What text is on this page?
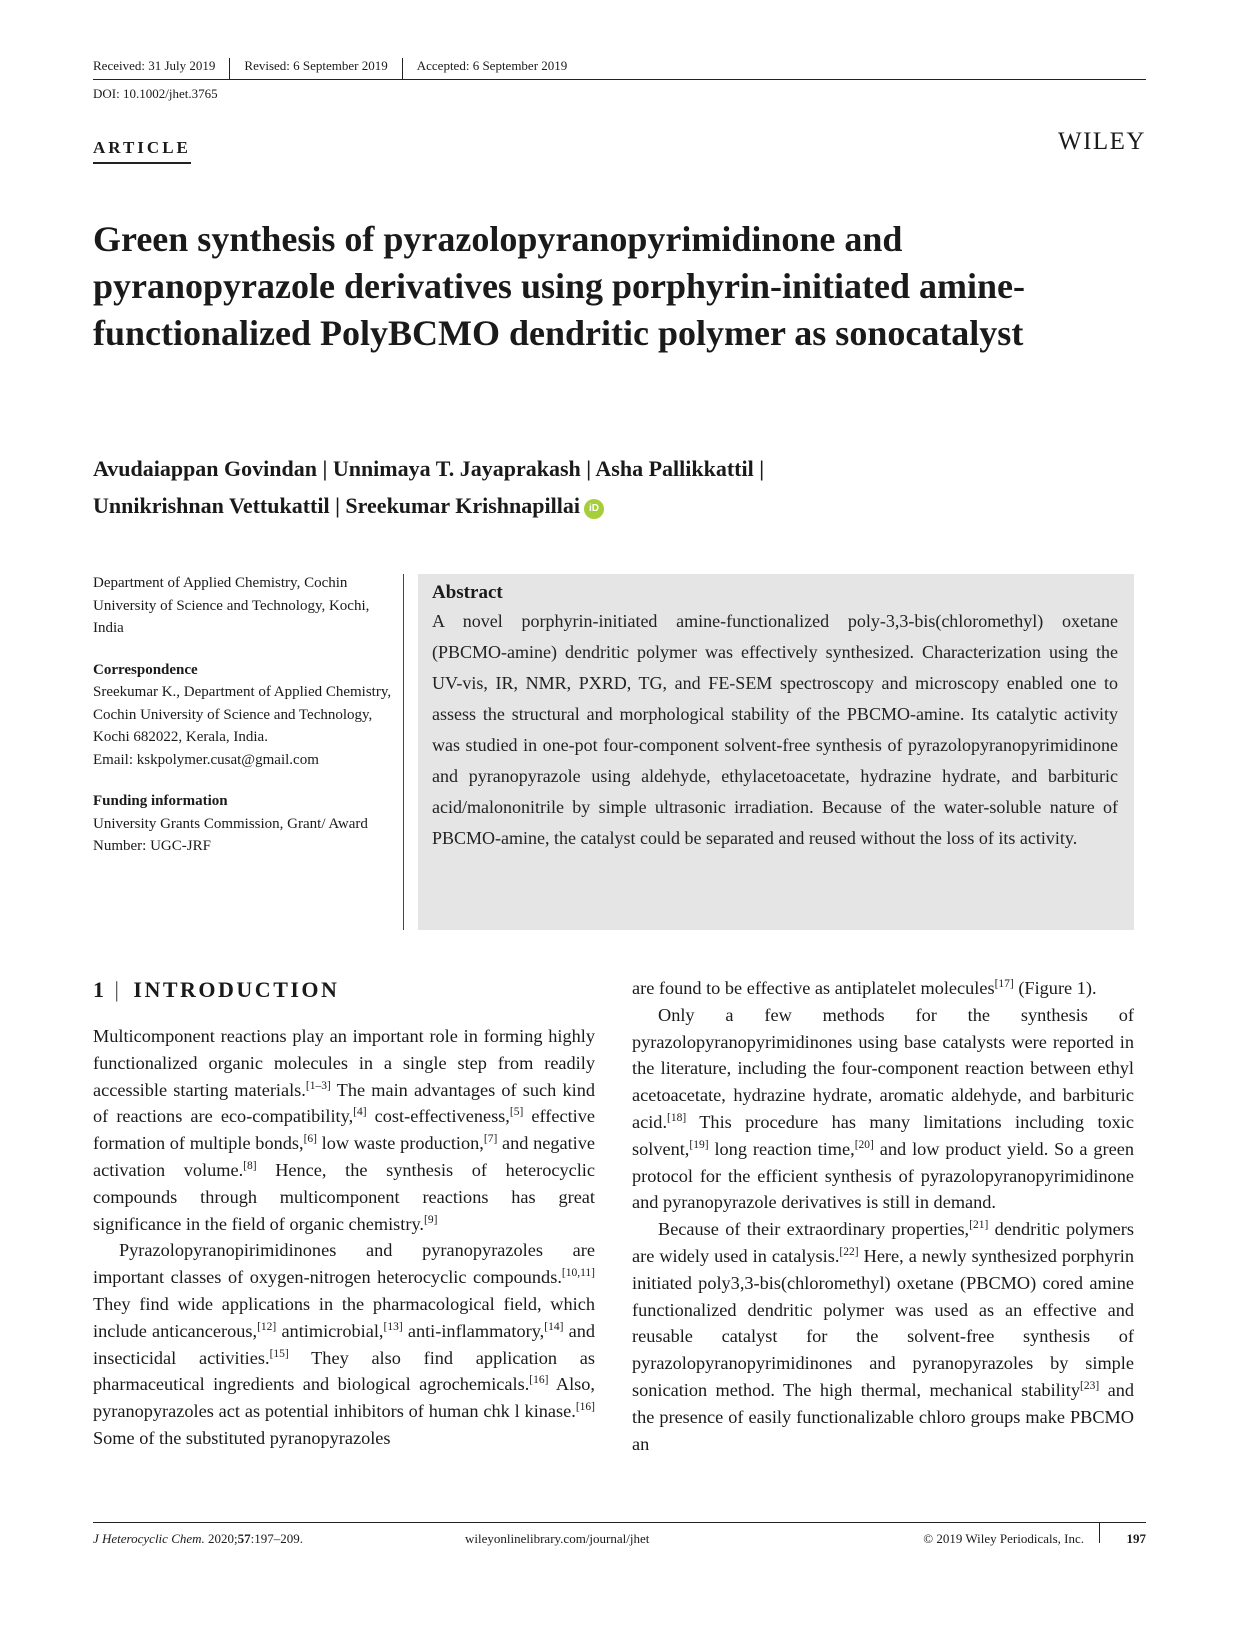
Received: 31 July 2019	Revised: 6 September 2019	Accepted: 6 September 2019
DOI: 10.1002/jhet.3765
ARTICLE	WILEY
Green synthesis of pyrazolopyranopyrimidinone and pyranopyrazole derivatives using porphyrin-initiated amine-functionalized PolyBCMO dendritic polymer as sonocatalyst
Avudaiappan Govindan | Unnimaya T. Jayaprakash | Asha Pallikkattil |
Unnikrishnan Vettukattil | Sreekumar Krishnapillai iD
Department of Applied Chemistry, Cochin University of Science and Technology, Kochi, India
Correspondence
Sreekumar K., Department of Applied Chemistry, Cochin University of Science and Technology, Kochi 682022, Kerala, India.
Email: kskpolymer.cusat@gmail.com
Funding information
University Grants Commission, Grant/ Award Number: UGC-JRF
Abstract
A novel porphyrin-initiated amine-functionalized poly-3,3-bis(chloromethyl) oxetane (PBCMO-amine) dendritic polymer was effectively synthesized. Characterization using the UV-vis, IR, NMR, PXRD, TG, and FE-SEM spectroscopy and microscopy enabled one to assess the structural and morphological stability of the PBCMO-amine. Its catalytic activity was studied in one-pot four-component solvent-free synthesis of pyrazolopyranopyrimidinone and pyranopyrazole using aldehyde, ethylacetoacetate, hydrazine hydrate, and barbituric acid/malononitrile by simple ultrasonic irradiation. Because of the water-soluble nature of PBCMO-amine, the catalyst could be separated and reused without the loss of its activity.
1 | INTRODUCTION

Multicomponent reactions play an important role in forming highly functionalized organic molecules in a single step from readily accessible starting materials.[1–3] The main advantages of such kind of reactions are eco-compatibility,[4] cost-effectiveness,[5] effective formation of multiple bonds,[6] low waste production,[7] and negative activation volume.[8] Hence, the synthesis of heterocyclic compounds through multicomponent reactions has great significance in the field of organic chemistry.[9]

Pyrazolopyranopirimidinones and pyranopyrazoles are important classes of oxygen-nitrogen heterocyclic compounds.[10,11] They find wide applications in the pharmacological field, which include anticancerous,[12] antimicrobial,[13] anti-inflammatory,[14] and insecticidal activities.[15] They also find application as pharmaceutical ingredients and biological agrochemicals.[16] Also, pyranopyrazoles act as potential inhibitors of human chk l kinase.[16] Some of the substituted pyranopyrazoles

are found to be effective as antiplatelet molecules[17] (Figure 1).

Only a few methods for the synthesis of pyrazolopyranopyrimidinones using base catalysts were reported in the literature, including the four-component reaction between ethyl acetoacetate, hydrazine hydrate, aromatic aldehyde, and barbituric acid.[18] This procedure has many limitations including toxic solvent,[19] long reaction time,[20] and low product yield. So a green protocol for the efficient synthesis of pyrazolopyranopyrimidinone and pyranopyrazole derivatives is still in demand.

Because of their extraordinary properties,[21] dendritic polymers are widely used in catalysis.[22] Here, a newly synthesized porphyrin initiated poly3,3-bis(chloromethyl) oxetane (PBCMO) cored amine functionalized dendritic polymer was used as an effective and reusable catalyst for the solvent-free synthesis of pyrazolopyranopyrimidinones and pyranopyrazoles by simple sonication method. The high thermal, mechanical stability[23] and the presence of easily functionalizable chloro groups make PBCMO an

J Heterocyclic Chem. 2020;57:197–209.	wileyonlinelibrary.com/journal/jhet	© 2019 Wiley Periodicals, Inc.	197
